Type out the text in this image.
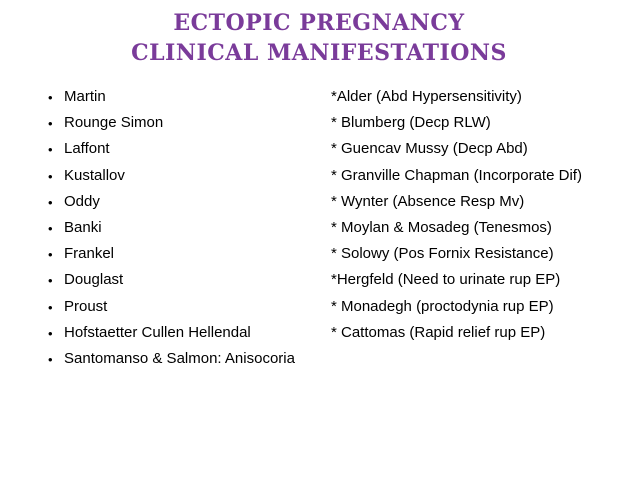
ECTOPIC PREGNANCY
CLINICAL MANIFESTATIONS
• Martin	*Alder (Abd Hypersensitivity)
• Rounge Simon	* Blumberg (Decp RLW)
• Laffont	* Guencav Mussy (Decp Abd)
• Kustallov	* Granville Chapman (Incorporate Dif)
• Oddy	* Wynter (Absence Resp Mv)
• Banki	* Moylan & Mosadeg (Tenesmos)
• Frankel	* Solowy (Pos Fornix Resistance)
• Douglast	*Hergfeld (Need to urinate rup EP)
• Proust	* Monadegh (proctodynia rup EP)
• Hofstaetter Cullen Hellendal	* Cattomas (Rapid relief rup EP)
• Santomanso & Salmon: Anisocoria
